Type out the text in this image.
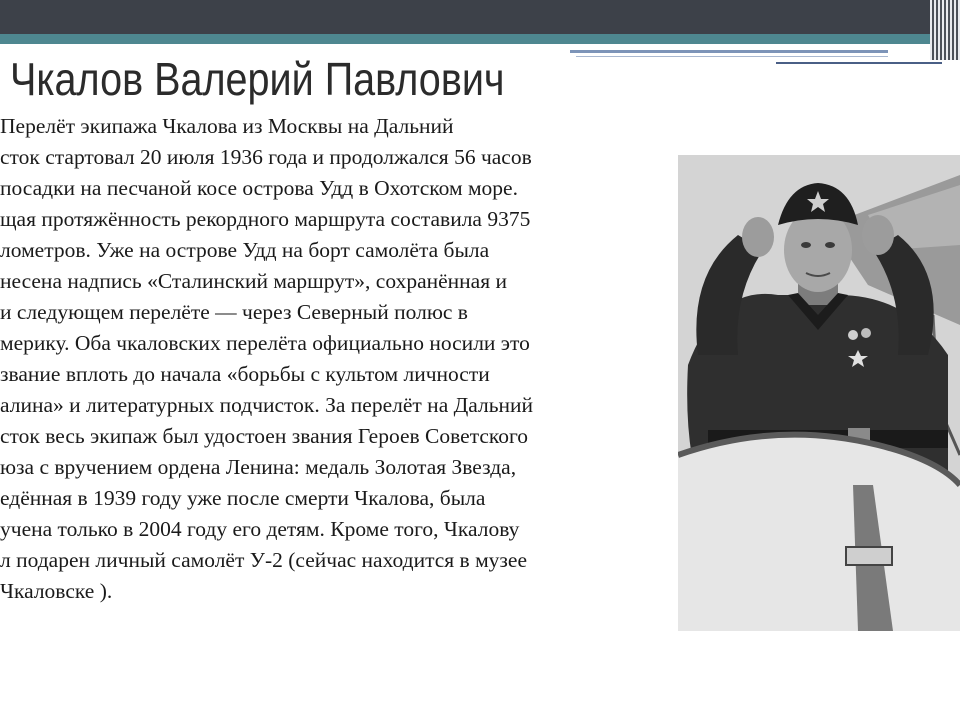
Чкалов Валерий Павлович
Перелёт экипажа Чкалова из Москвы на Дальний
сток стартовал 20 июля 1936 года и продолжался 56 часов
посадки на песчаной косе острова Удд в Охотском море.
щая протяжённость рекордного маршрута составила 9375
лометров. Уже на острове Удд на борт самолёта была
несена надпись «Сталинский маршрут», сохранённая и
и следующем перелёте — через Северный полюс в
мерику. Оба чкаловских перелёта официально носили это
звание вплоть до начала «борьбы с культом личности
алина» и литературных подчисток. За перелёт на Дальний
сток весь экипаж был удостоен звания Героев Советского
юза с вручением ордена Ленина: медаль Золотая Звезда,
едённая в 1939 году уже после смерти Чкалова, была
учена только в 2004 году его детям. Кроме того, Чкалову
л подарен личный самолёт У-2 (сейчас находится в музее
Чкаловске ).
